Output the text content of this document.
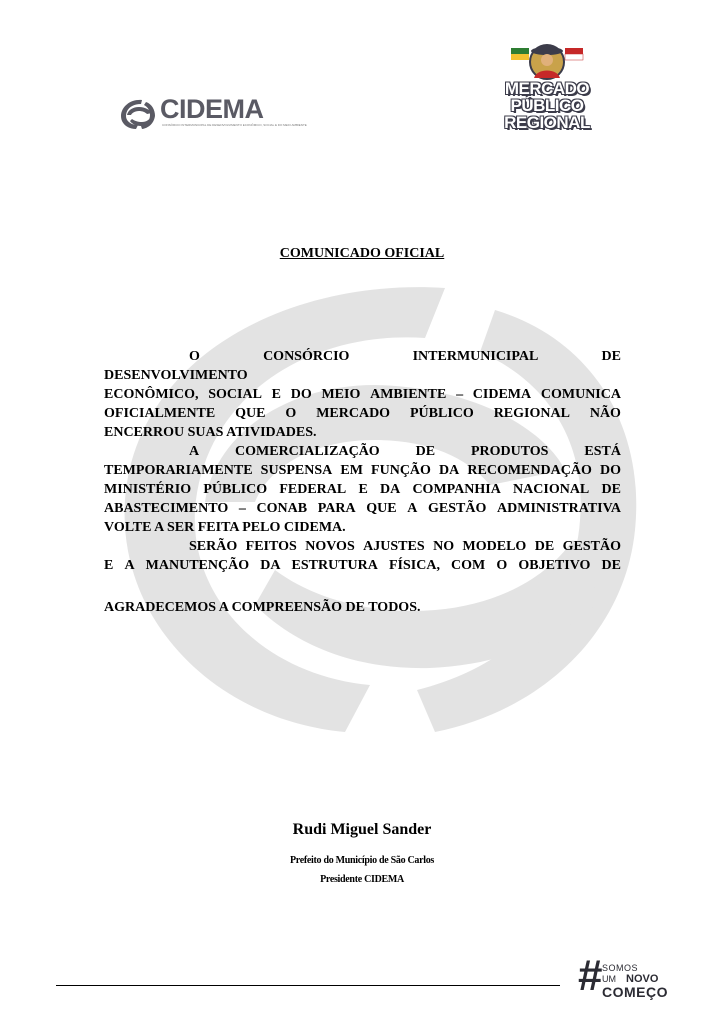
CIDEMA
CONSÓRCIO INTERMUNICIPAL DE DESENVOLVIMENTO ECONÔMICO, SOCIAL E DO MEIO AMBIENTE
MERCADO
PÚBLICO
REGIONAL
COMUNICADO OFICIAL
O	CONSÓRCIO	INTERMUNICIPAL	DE
DESENVOLVIMENTO
ECONÔMICO, SOCIAL E DO MEIO AMBIENTE – CIDEMA COMUNICA
OFICIALMENTE QUE O MERCADO PÚBLICO REGIONAL NÃO
ENCERROU SUAS ATIVIDADES.
A	COMERCIALIZAÇÃO	DE	PRODUTOS	ESTÁ
TEMPORARIAMENTE SUSPENSA EM FUNÇÃO DA RECOMENDAÇÃO DO
MINISTÉRIO PÚBLICO FEDERAL E DA COMPANHIA NACIONAL DE
ABASTECIMENTO – CONAB PARA QUE A GESTÃO ADMINISTRATIVA
VOLTE A SER FEITA PELO CIDEMA.
SERÃO FEITOS NOVOS AJUSTES NO MODELO DE GESTÃO
E A MANUTENÇÃO DA ESTRUTURA FÍSICA, COM O OBJETIVO DE
AGRADECEMOS A COMPREENSÃO DE TODOS.
Rudi Miguel Sander
Prefeito do Município de São Carlos
Presidente CIDEMA
# SOMOS
UM NOVO
COMEÇO
